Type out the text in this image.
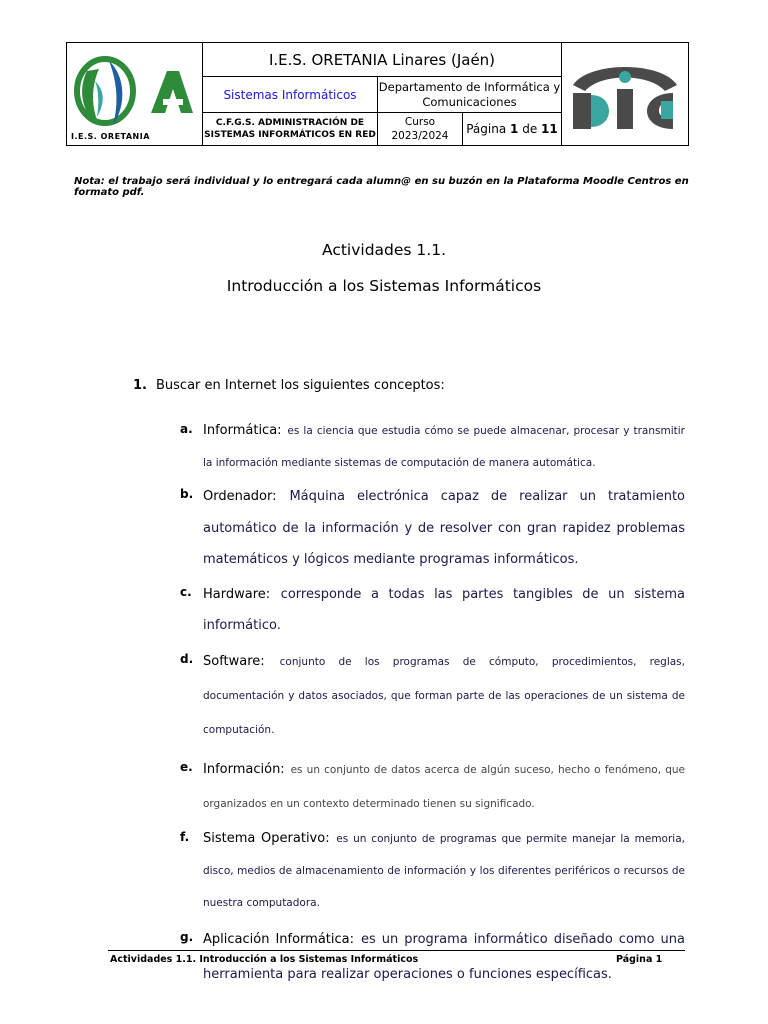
I.E.S. ORETANIA
I.E.S. ORETANIA Linares (Jaén)
Sistemas Informáticos
Departamento de Informática y Comunicaciones
C.F.G.S. ADMINISTRACIÓN DE SISTEMAS INFORMÁTICOS EN RED
Curso
2023/2024 Página
1
de
11
Nota: el trabajo será individual y lo entregará cada alumn@ en su buzón en la Plataforma Moodle Centros en formato pdf.
Actividades 1.1.
Introducción a los Sistemas Informáticos
1. Buscar en Internet los siguientes conceptos:
a. Informática: es la ciencia que estudia cómo se puede almacenar, procesar y transmitir la información mediante sistemas de computación de manera automática.
b. Ordenador: Máquina electrónica capaz de realizar un tratamiento automático de la información y de resolver con gran rapidez problemas matemáticos y lógicos mediante programas informáticos.
c. Hardware: corresponde a todas las partes tangibles de un sistema informático.
d. Software: conjunto de los programas de cómputo, procedimientos, reglas, documentación y datos asociados, que forman parte de las operaciones de un sistema de computación.
e. Información: es un conjunto de datos acerca de algún suceso, hecho o fenómeno, que organizados en un contexto determinado tienen su significado.
f. Sistema Operativo: es un conjunto de programas que permite manejar la memoria, disco, medios de almacenamiento de información y los diferentes periféricos o recursos de nuestra computadora.
g. Aplicación Informática: es un programa informático diseñado como una herramienta para realizar operaciones o funciones específicas.
Actividades 1.1. Introducción a los Sistemas Informáticos	Página 1
